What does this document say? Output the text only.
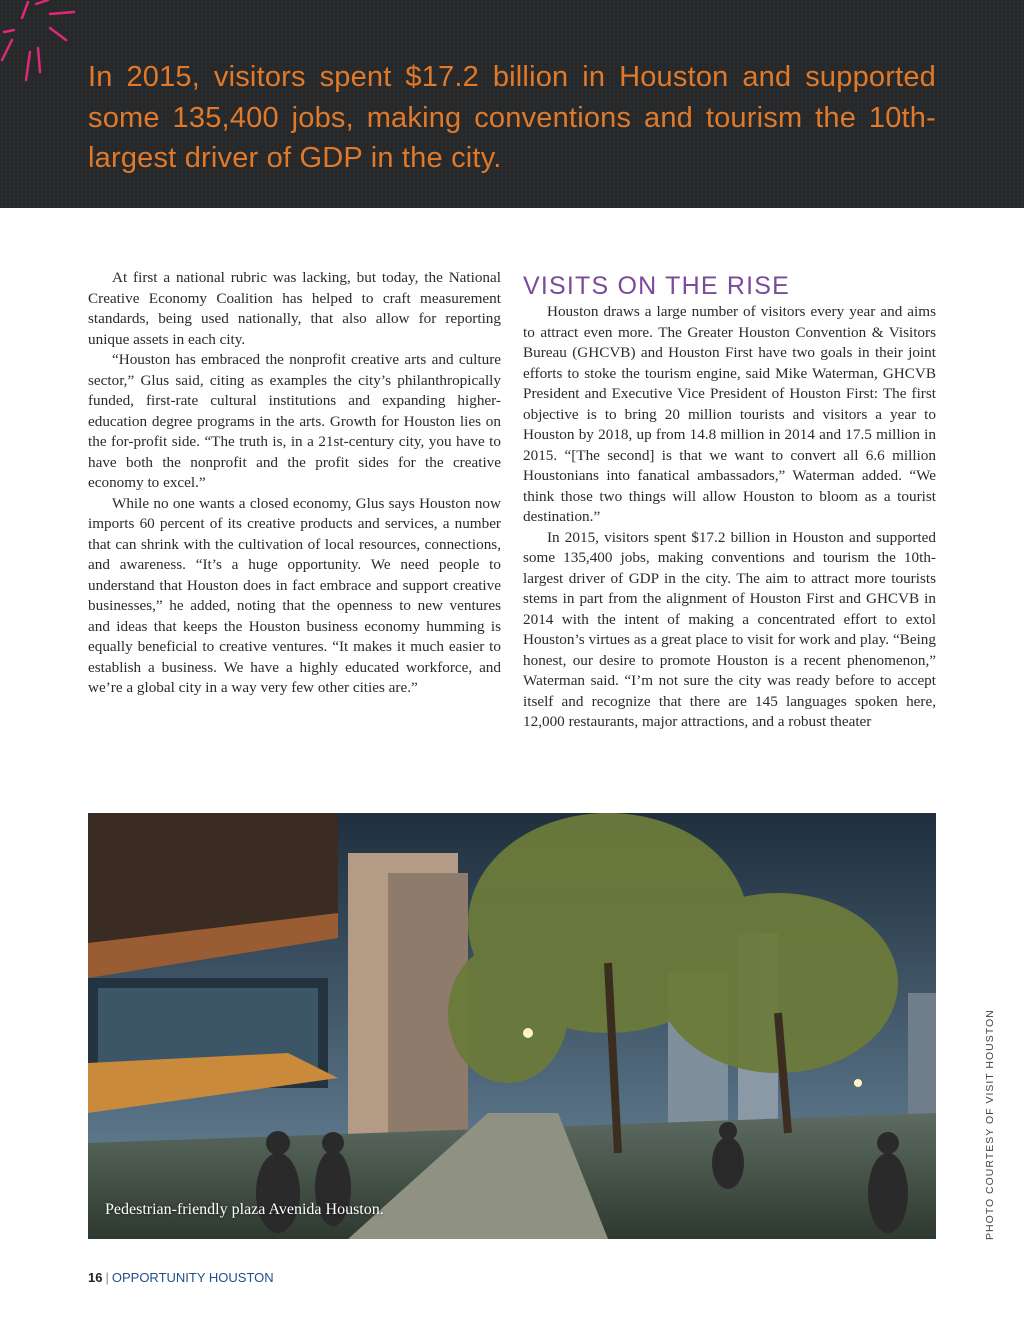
In 2015, visitors spent $17.2 billion in Houston and supported some 135,400 jobs, making conventions and tourism the 10th-largest driver of GDP in the city.

At first a national rubric was lacking, but today, the National Creative Economy Coalition has helped to craft measurement standards, being used nationally, that also allow for reporting unique assets in each city.

“Houston has embraced the nonprofit creative arts and culture sector,” Glus said, citing as examples the city’s philanthropically funded, first-rate cultural institutions and expanding higher-education degree programs in the arts. Growth for Houston lies on the for-profit side. “The truth is, in a 21st-century city, you have to have both the nonprofit and the profit sides for the creative economy to excel.”

While no one wants a closed economy, Glus says Houston now imports 60 percent of its creative products and services, a number that can shrink with the cultivation of local resources, connections, and awareness. “It’s a huge opportunity. We need people to understand that Houston does in fact embrace and support creative businesses,” he added, noting that the openness to new ventures and ideas that keeps the Houston business economy humming is equally beneficial to creative ventures. “It makes it much easier to establish a business. We have a highly educated workforce, and we’re a global city in a way very few other cities are.”

VISITS ON THE RISE

Houston draws a large number of visitors every year and aims to attract even more. The Greater Houston Convention & Visitors Bureau (GHCVB) and Houston First have two goals in their joint efforts to stoke the tourism engine, said Mike Waterman, GHCVB President and Executive Vice President of Houston First: The first objective is to bring 20 million tourists and visitors a year to Houston by 2018, up from 14.8 million in 2014 and 17.5 million in 2015. “[The second] is that we want to convert all 6.6 million Houstonians into fanatical ambassadors,” Waterman added. “We think those two things will allow Houston to bloom as a tourist destination.”

In 2015, visitors spent $17.2 billion in Houston and supported some 135,400 jobs, making conventions and tourism the 10th-largest driver of GDP in the city. The aim to attract more tourists stems in part from the alignment of Houston First and GHCVB in 2014 with the intent of making a concentrated effort to extol Houston’s virtues as a great place to visit for work and play. “Being honest, our desire to promote Houston is a recent phenomenon,” Waterman said. “I’m not sure the city was ready before to accept itself and recognize that there are 145 languages spoken here, 12,000 restaurants, major attractions, and a robust theater

Pedestrian-friendly plaza Avenida Houston.	PHOTO COURTESY OF VISIT HOUSTON
16 | OPPORTUNITY HOUSTON
